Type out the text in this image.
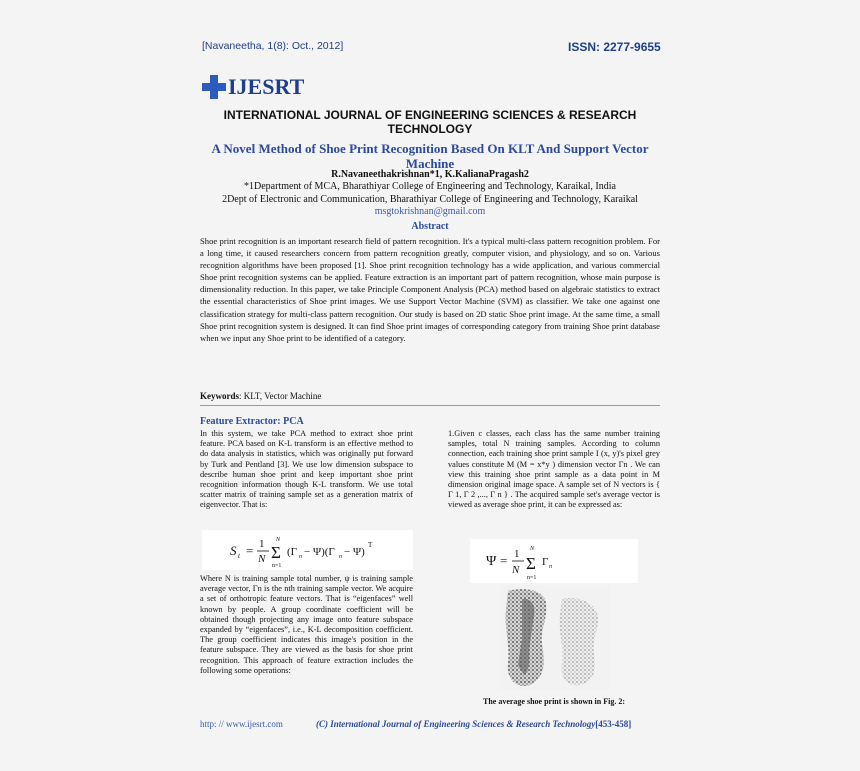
[Navaneetha, 1(8): Oct., 2012]	ISSN: 2277-9655
IJESRT
INTERNATIONAL JOURNAL OF ENGINEERING SCIENCES & RESEARCH
TECHNOLOGY
A Novel Method of Shoe Print Recognition Based On KLT And Support Vector
Machine
R.Navaneethakrishnan*1, K.KalianaPragash2
*1Department of MCA, Bharathiyar College of Engineering and Technology, Karaikal, India
2Dept of Electronic and Communication, Bharathiyar College of Engineering and Technology, Karaikal
msgtokrishnan@gmail.com
Abstract
Shoe print recognition is an important research field of pattern recognition. It's a typical multi-class pattern recognition problem. For a long time, it caused researchers concern from pattern recognition greatly, computer vision, and physiology, and so on. Various recognition algorithms have been proposed [1]. Shoe print recognition technology has a wide application, and various commercial Shoe print recognition systems can be applied. Feature extraction is an important part of pattern recognition, whose main purpose is dimensionality reduction. In this paper, we take Principle Component Analysis (PCA) method based on algebraic statistics to extract the essential characteristics of Shoe print images. We use Support Vector Machine (SVM) as classifier. We take one against one classification strategy for multi-class pattern recognition. Our study is based on 2D static Shoe print image. At the same time, a small Shoe print recognition system is designed. It can find Shoe print images of corresponding category from training Shoe print database when we input any Shoe print to be identified of a category.
Keywords: KLT, Vector Machine
Feature Extractor: PCA
In this system, we take PCA method to extract shoe print feature. PCA based on K-L transform is an effective method to do data analysis in statistics, which was originally put forward by Turk and Pentland [3]. We use low dimension subspace to describe human shoe print and keep important shoe print recognition information though K-L transform. We use total scatter matrix of training sample set as a generation matrix of eigenvector. That is:
S t = 1
N
N
Σ
n=1
(Γ n − Ψ)(Γ n − Ψ)
T
Where N is training sample total number, ψ is training sample average vector, Γn is the nth training sample vector. We acquire a set of orthotropic feature vectors. That is “eigenfaces” well known by people. A group coordinate coefficient will be obtained though projecting any image onto feature subspace expanded by “eigenfaces”, i.e., K-L decomposition coefficient. The group coefficient indicates this image's position in the feature subspace. They are viewed as the basis for shoe print recognition. This approach of feature extraction includes the following some operations:
1.Given c classes, each class has the same number training samples, total N training samples. According to column connection, each training shoe print sample I (x, y)'s pixel grey values constitute M (M = x*y ) dimension vector Γn . We can view this training shoe print sample as a data point in M dimension original image space. A sample set of N vectors is { Γ 1, Γ 2 ,..., Γ n } . The acquired sample set's average vector is viewed as average shoe print, it can be expressed as:
Ψ = 1
N
N
Σ
n=1
Γ n
The average shoe print is shown in Fig. 2:
http: // www.ijesrt.com	(C) International Journal of Engineering Sciences & Research Technology[453-458]
